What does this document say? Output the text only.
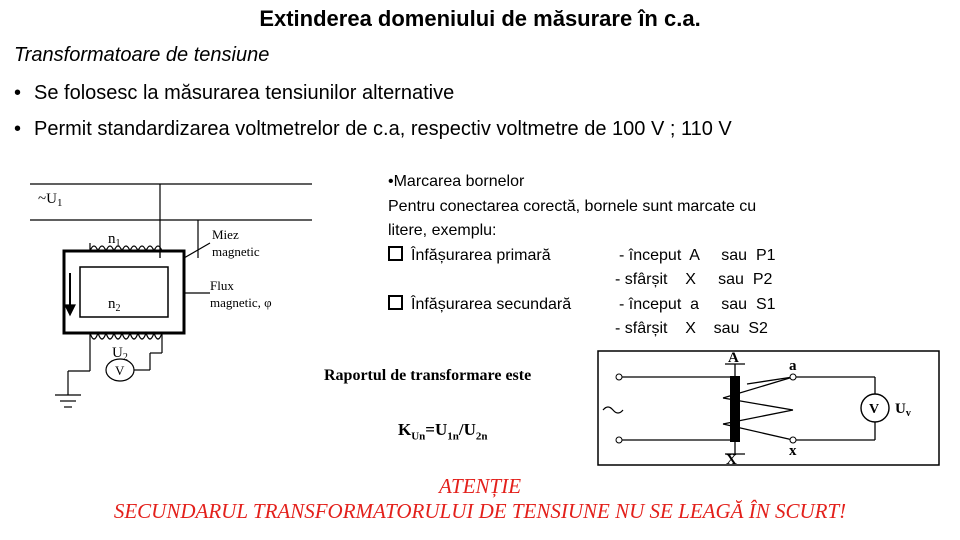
Extinderea domeniului de măsurare în c.a.
Transformatoare de tensiune
• Se folosesc la măsurarea tensiunilor alternative
• Permit standardizarea voltmetrelor de c.a, respectiv voltmetre de 100 V ; 110 V
$\sim U_1$
$n_1$
$n_2$
$U_2$
V
Miez
magnetic
Flux
magnetic, φ
•Marcarea bornelor
Pentru conectarea corectă, bornele sunt marcate cu
litere, exemplu:
Înfășurarea primară	- început  A     sau  P1
- sfârșit    X     sau  P2
Înfășurarea secundară	- început  a     sau  S1
- sfârșit    X    sau  S2
Raportul de transformare este
$K_{Un}=U_{1n}/U_{2n}$
A	a
X
x
V $U_v$
ATENȚIE
SECUNDARUL TRANSFORMATORULUI DE TENSIUNE NU SE LEAGĂ ÎN SCURT!
